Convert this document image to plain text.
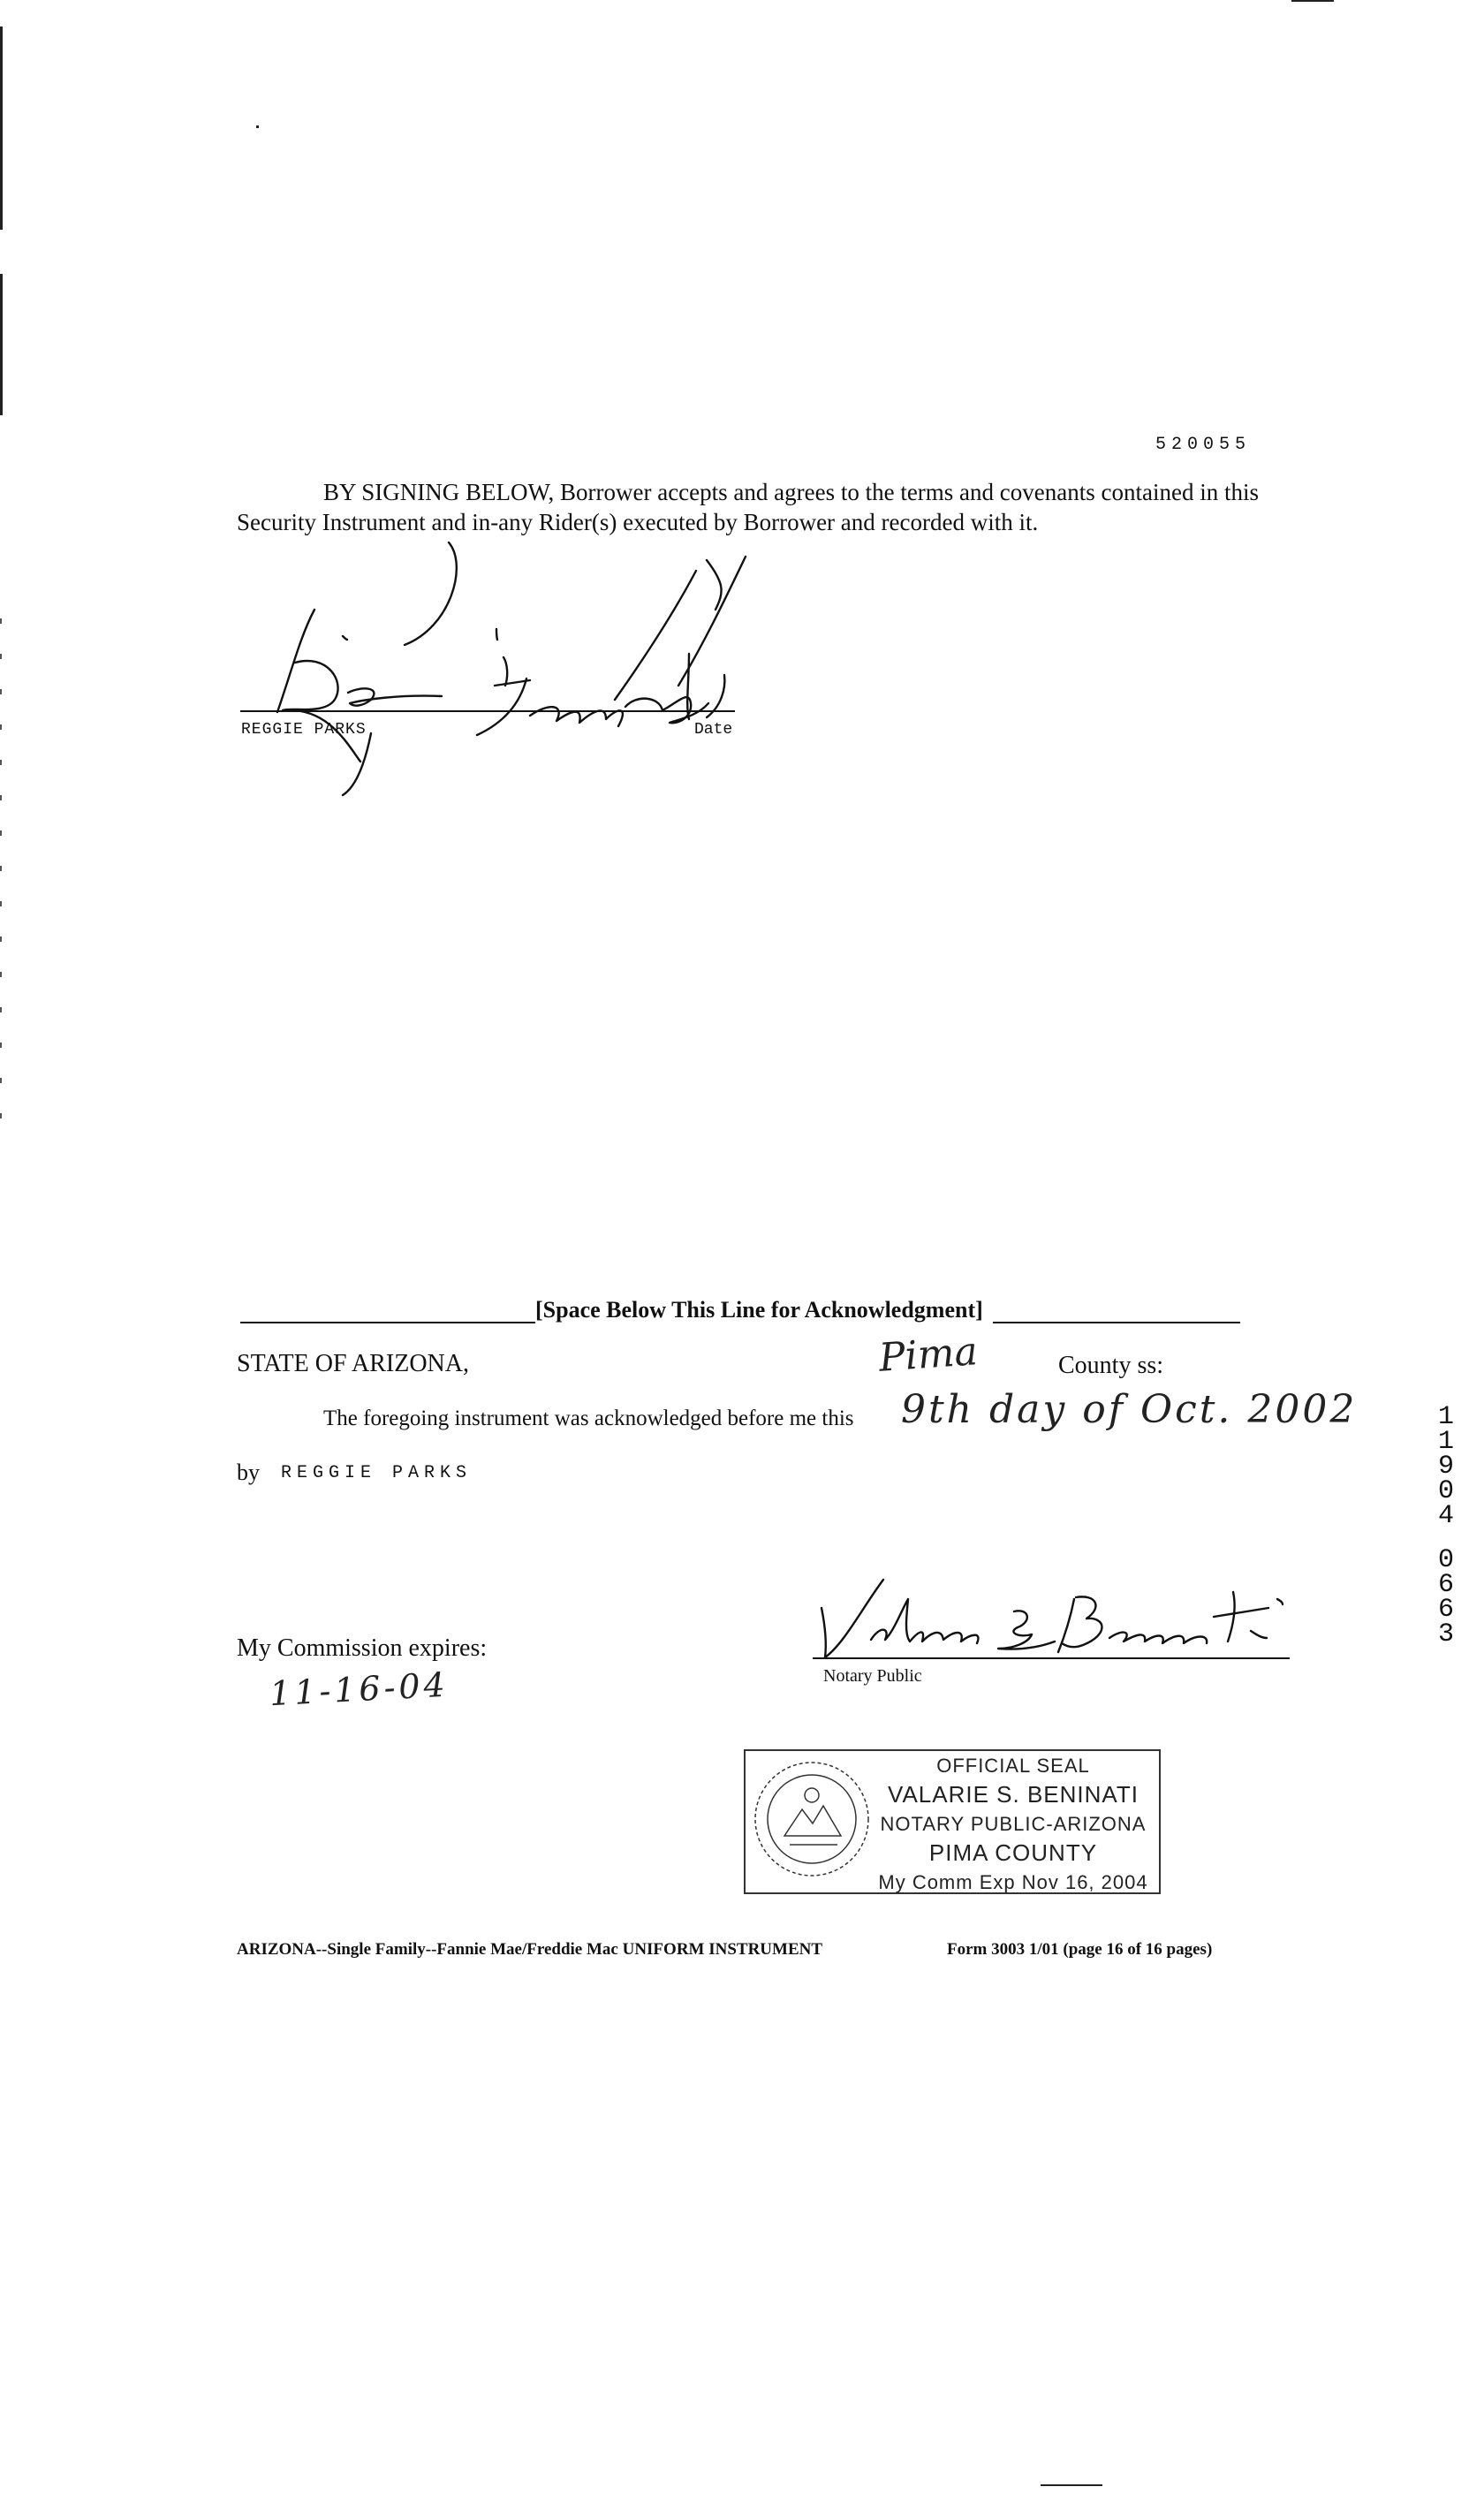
520055
BY SIGNING BELOW, Borrower accepts and agrees to the terms and covenants contained in this
Security Instrument and in-any Rider(s) executed by Borrower and recorded with it.
REGGIE PARKS	Date
[Space Below This Line for Acknowledgment]
STATE OF ARIZONA,	Pima	County ss:
The foregoing instrument was acknowledged before me this 9th day of Oct. 2002
by REGGIE PARKS
My Commission expires:
11-16-04	Notary Public
OFFICIAL SEAL
VALARIE S. BENINATI
NOTARY PUBLIC-ARIZONA
PIMA COUNTY
My Comm Exp Nov 16, 2004
ARIZONA--Single Family--Fannie Mae/Freddie Mac UNIFORM INSTRUMENT	Form 3003 1/01 (page 16 of 16 pages)
1
1
9
0
4
0
6
6
3
